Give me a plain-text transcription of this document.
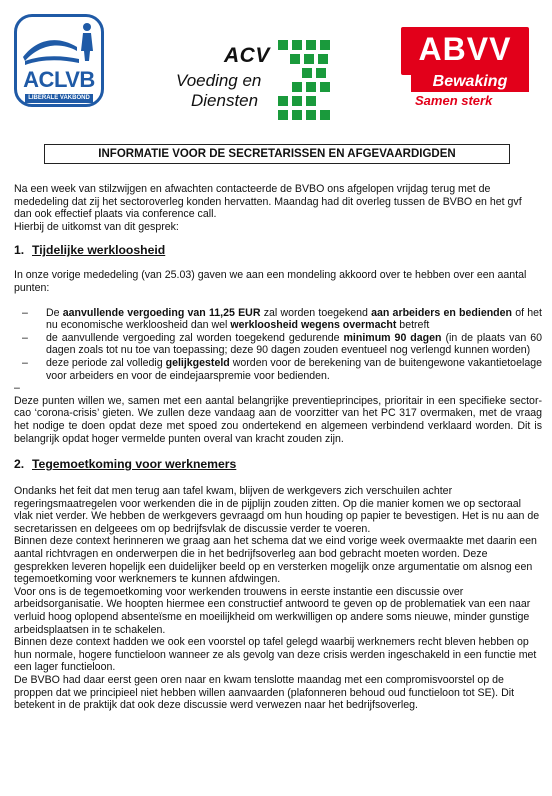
ACLVB
LIBERALE VAKBOND
ACV
Voeding en
Diensten
ABVV
Bewaking
Samen sterk
INFORMATIE VOOR DE SECRETARISSEN EN AFGEVAARDIGDEN

Na een week van stilzwijgen en afwachten contacteerde de BVBO ons afgelopen vrijdag terug met de mededeling dat zij het sectoroverleg konden hervatten. Maandag had dit overleg tussen de BVBO en het gvf dan ook effectief plaats via conference call.

Hierbij de uitkomst van dit gesprek:

1. Tijdelijke werkloosheid

In onze vorige mededeling (van 25.03) gaven we aan een mondeling akkoord over te hebben over een aantal punten:

– De aanvullende vergoeding van 11,25 EUR zal worden toegekend aan arbeiders en bedienden of het nu economische werkloosheid dan wel werkloosheid wegens overmacht betreft
– de aanvullende vergoeding zal worden toegekend gedurende minimum 90 dagen (in de plaats van 60 dagen zoals tot nu toe van toepassing; deze 90 dagen zouden eventueel nog verlengd kunnen worden)
– deze periode zal volledig gelijkgesteld worden voor de berekening van de buitengewone vakantietoelage voor arbeiders en voor de eindejaarspremie voor bedienden.
–

Deze punten willen we, samen met een aantal belangrijke preventieprincipes, prioritair in een specifieke sector-cao ‘corona-crisis’ gieten. We zullen deze vandaag aan de voorzitter van het PC 317 overmaken, met de vraag het nodige te doen opdat deze met spoed zou ondertekend en algemeen verbindend verklaard worden. Dit is belangrijk opdat hoger vermelde punten overal van kracht zouden zijn.

2. Tegemoetkoming voor werknemers

Ondanks het feit dat men terug aan tafel kwam, blijven de werkgevers zich verschuilen achter regeringsmaatregelen voor werkenden die in de pijplijn zouden zitten. Op die manier komen we op sectoraal vlak niet verder. We hebben de werkgevers gevraagd om hun houding op papier te bevestigen. Het is nu aan de secretarissen en delgeees om op bedrijfsvlak de discussie verder te voeren.

Binnen deze context herinneren we graag aan het schema dat we eind vorige week overmaakte met daarin een aantal richtvragen en onderwerpen die in het bedrijfsoverleg aan bod gebracht moeten worden. Deze gesprekken leveren hopelijk een duidelijker beeld op en versterken mogelijk onze argumentatie om alsnog een tegemoetkoming voor werknemers te kunnen afdwingen.

Voor ons is de tegemoetkoming voor werkenden trouwens in eerste instantie een discussie over arbeidsorganisatie. We hoopten hiermee een constructief antwoord te geven op de problematiek van een naar verluid hoog oplopend absenteïsme en moeilijkheid om werkwilligen op andere soms nieuwe, minder gunstige arbeidsplaatsen in te schakelen.

Binnen deze context hadden we ook een voorstel op tafel gelegd waarbij werknemers recht bleven hebben op hun normale, hogere functieloon wanneer ze als gevolg van deze crisis werden ingeschakeld in een functie met een lager functieloon.

De BVBO had daar eerst geen oren naar en kwam tenslotte maandag met een compromisvoorstel op de proppen dat we principieel niet hebben willen aanvaarden (plafonneren behoud oud functieloon tot SE). Dit betekent in de praktijk dat ook deze discussie werd verwezen naar het bedrijfsoverleg.
